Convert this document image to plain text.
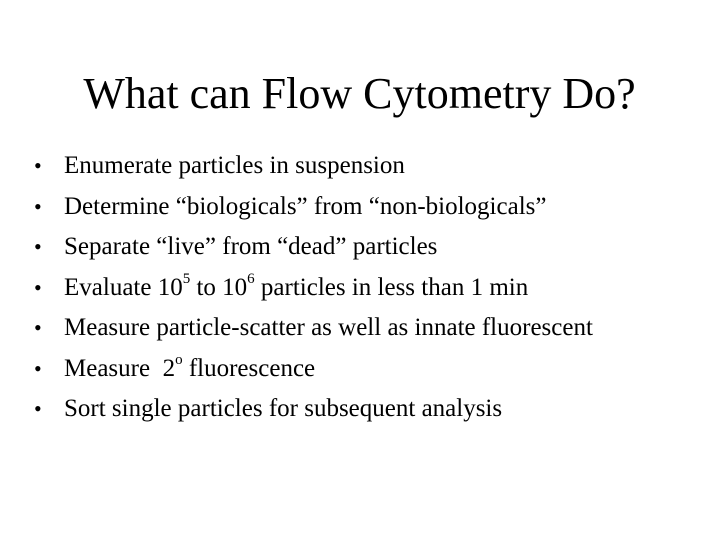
What can Flow Cytometry Do?
• Enumerate particles in suspension
• Determine “biologicals” from “non-biologicals”
• Separate “live” from “dead” particles
• Evaluate $10^5$ to $10^6$ particles in less than 1 min
• Measure particle-scatter as well as innate fluorescent
• Measure  2$^o$ fluorescence
• Sort single particles for subsequent analysis
